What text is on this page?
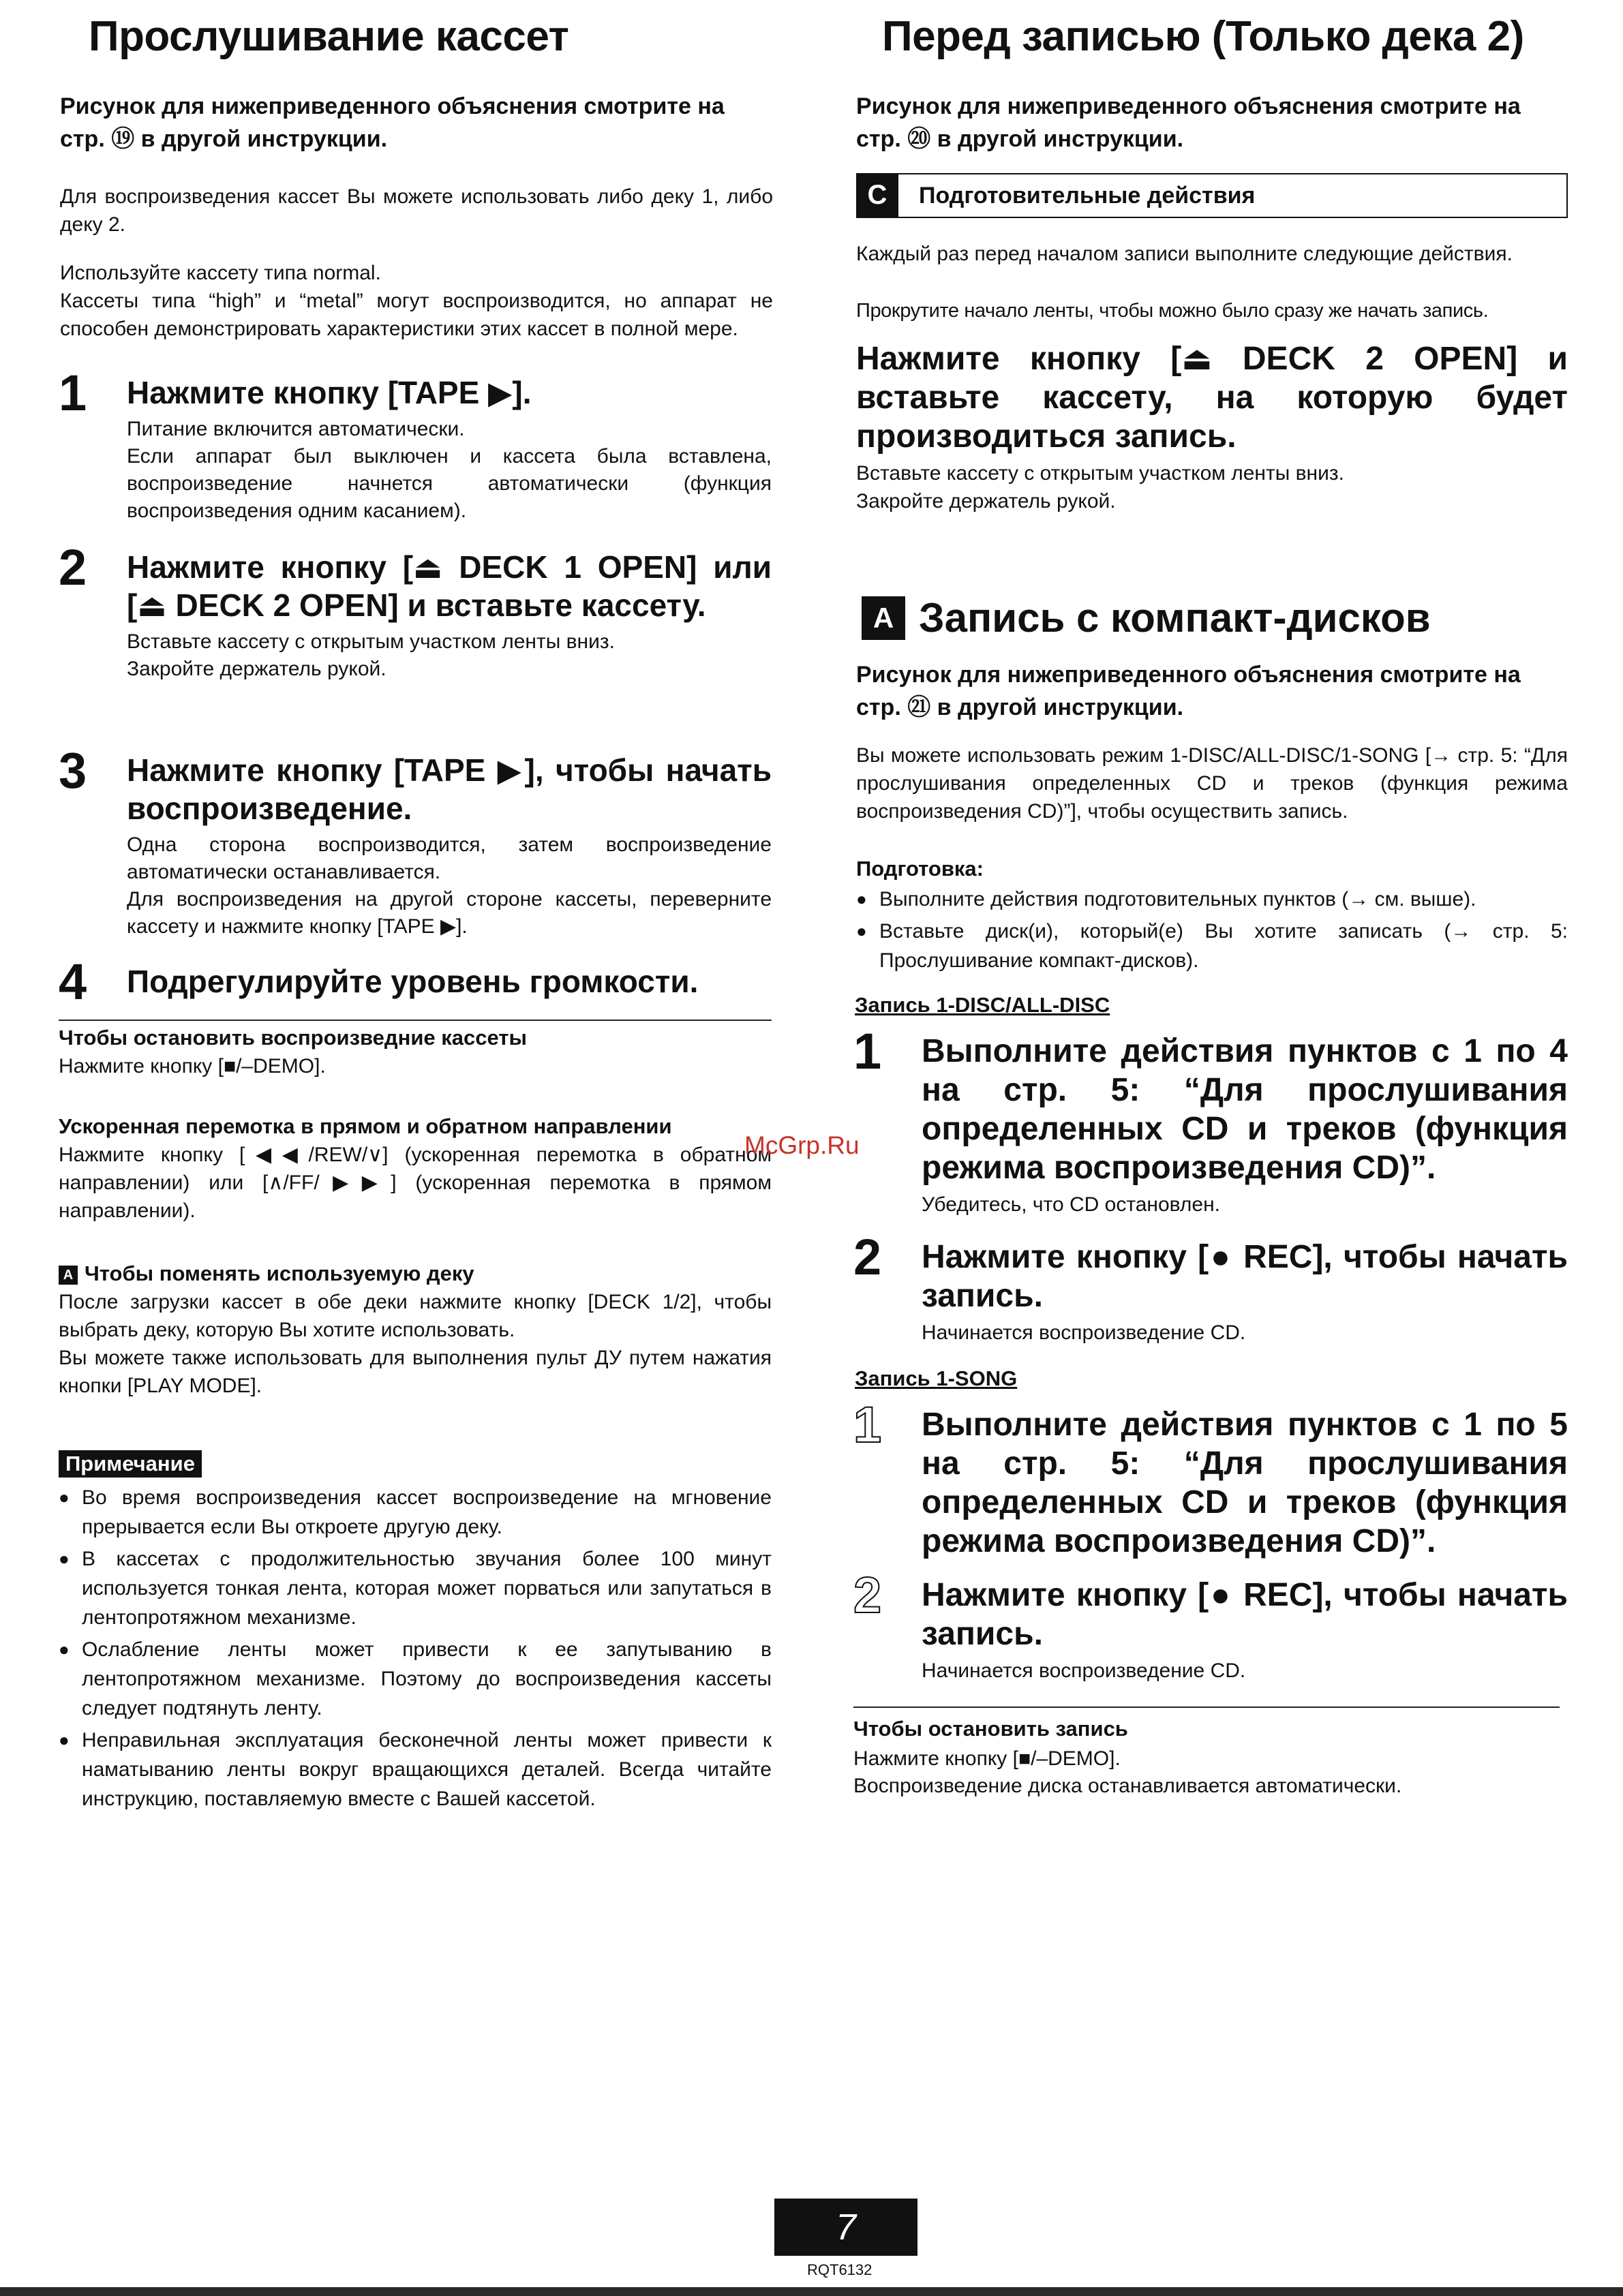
Прослушивание кассет

Рисунок для нижеприведенного объяснения смотрите на стр. ⑲ в другой инструкции.

Для воспроизведения кассет Вы можете использовать либо деку 1, либо деку 2.

Используйте кассету типа normal.
Кассеты типа “high” и “metal” могут воспроизводится, но аппарат не способен демонстрировать характеристики этих кассет в полной мере.

1 Нажмите кнопку [TAPE ▶].

Питание включится автоматически.
Если аппарат был выключен и кассета была вставлена, воспроизведение начнется автоматически (функция воспроизведения одним касанием).

2 Нажмите кнопку [⏏ DECK 1 OPEN] или [⏏ DECK 2 OPEN] и вставьте кассету.

Вставьте кассету с открытым участком ленты вниз.
Закройте держатель рукой.

3 Нажмите кнопку [TAPE ▶], чтобы начать воспроизведение.

Одна сторона воспроизводится, затем воспроизведение автоматически останавливается.
Для воспроизведения на другой стороне кассеты, переверните кассету и нажмите кнопку [TAPE ▶].

4 Подрегулируйте уровень громкости.

Чтобы остановить воспроизведние кассеты

Нажмите кнопку [■/–DEMO].

Ускоренная перемотка в прямом и обратном направлении

Нажмите кнопку [◀◀/REW/∨] (ускоренная перемотка в обратном направлении) или [∧/FF/▶▶] (ускоренная перемотка в прямом направлении).

A Чтобы поменять используемую деку

После загрузки кассет в обе деки нажмите кнопку [DECK 1/2], чтобы выбрать деку, которую Вы хотите использовать.
Вы можете также использовать для выполнения пульт ДУ путем нажатия кнопки [PLAY MODE].

Примечание
● Во время воспроизведения кассет воспроизведение на мгновение прерывается если Вы откроете другую деку.
● В кассетах с продолжительностью звучания более 100 минут используется тонкая лента, которая может порваться или запутаться в лентопротяжном механизме.
● Ослабление ленты может привести к ее запутыванию в лентопротяжном механизме. Поэтому до воспроизведения кассеты следует подтянуть ленту.
● Неправильная эксплуатация бесконечной ленты может привести к наматыванию ленты вокруг вращающихся деталей. Всегда читайте инструкцию, поставляемую вместе с Вашей кассетой.
Перед записью (Только дека 2)

Рисунок для нижеприведенного объяснения смотрите на стр. ⑳ в другой инструкции.

C	Подготовительные действия

Каждый раз перед началом записи выполните следующие действия.

Прокрутите начало ленты, чтобы можно было сразу же начать запись.

Нажмите кнопку [⏏ DECK 2 OPEN] и вставьте кассету, на которую будет производиться запись.

Вставьте кассету с открытым участком ленты вниз.
Закройте держатель рукой.

A Запись с компакт-дисков

Рисунок для нижеприведенного объяснения смотрите на стр. ㉑ в другой инструкции.

Вы можете использовать режим 1-DISC/ALL-DISC/1-SONG [→ стр. 5: “Для прослушивания определенных CD и треков (функция режима воспроизведения CD)”], чтобы осуществить запись.

Подготовка:

● Выполните действия подготовительных пунктов (→ см. выше).
● Вставьте диск(и), который(е) Вы хотите записать (→ стр. 5: Прослушивание компакт-дисков).

Запись 1-DISC/ALL-DISC

1 Выполните действия пунктов с 1 по 4 на стр. 5: “Для прослушивания определенных CD и треков (функция режима воспроизведения CD)”.

Убедитесь, что CD остановлен.

2 Нажмите кнопку [● REC], чтобы начать запись.

Начинается воспроизведение CD.

Запись 1-SONG

1 Выполните действия пунктов с 1 по 5 на стр. 5: “Для прослушивания определенных CD и треков (функция режима воспроизведения CD)”.

2 Нажмите кнопку [● REC], чтобы начать запись.

Начинается воспроизведение CD.

Чтобы остановить запись

Нажмите кнопку [■/–DEMO].

Воспроизведение диска останавливается автоматически.

McGrp.Ru
7
RQT6132
